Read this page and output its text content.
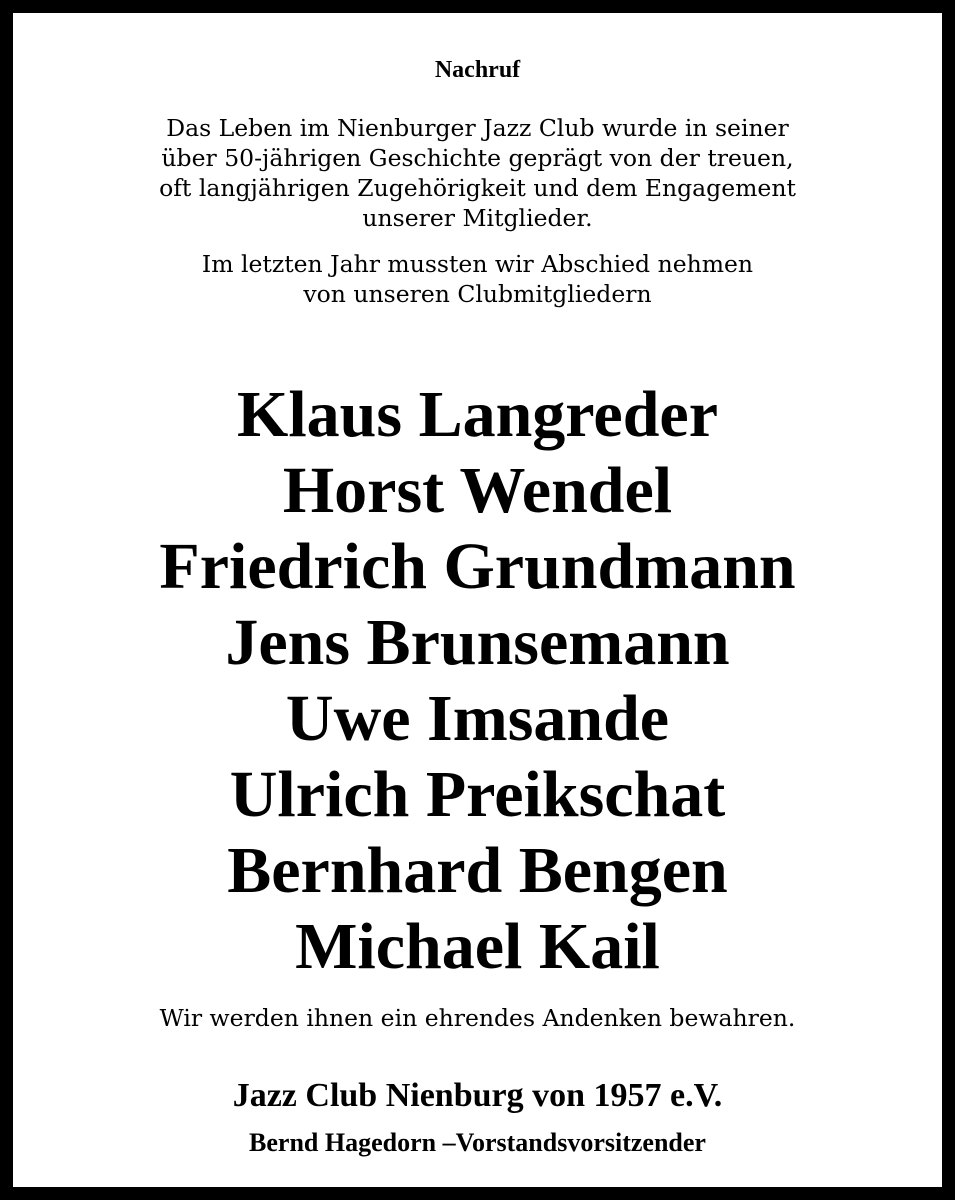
Nachruf

Das Leben im Nienburger Jazz Club wurde in seiner

über 50-jährigen Geschichte geprägt von der treuen,

oft langjährigen Zugehörigkeit und dem Engagement

unserer Mitglieder.

Im letzten Jahr mussten wir Abschied nehmen

von unseren Clubmitgliedern

Klaus Langreder
Horst Wendel
Friedrich Grundmann
Jens Brunsemann
Uwe Imsande
Ulrich Preikschat
Bernhard Bengen
Michael Kail

Wir werden ihnen ein ehrendes Andenken bewahren.

Jazz Club Nienburg von 1957 e.V.

Bernd Hagedorn –Vorstandsvorsitzender
